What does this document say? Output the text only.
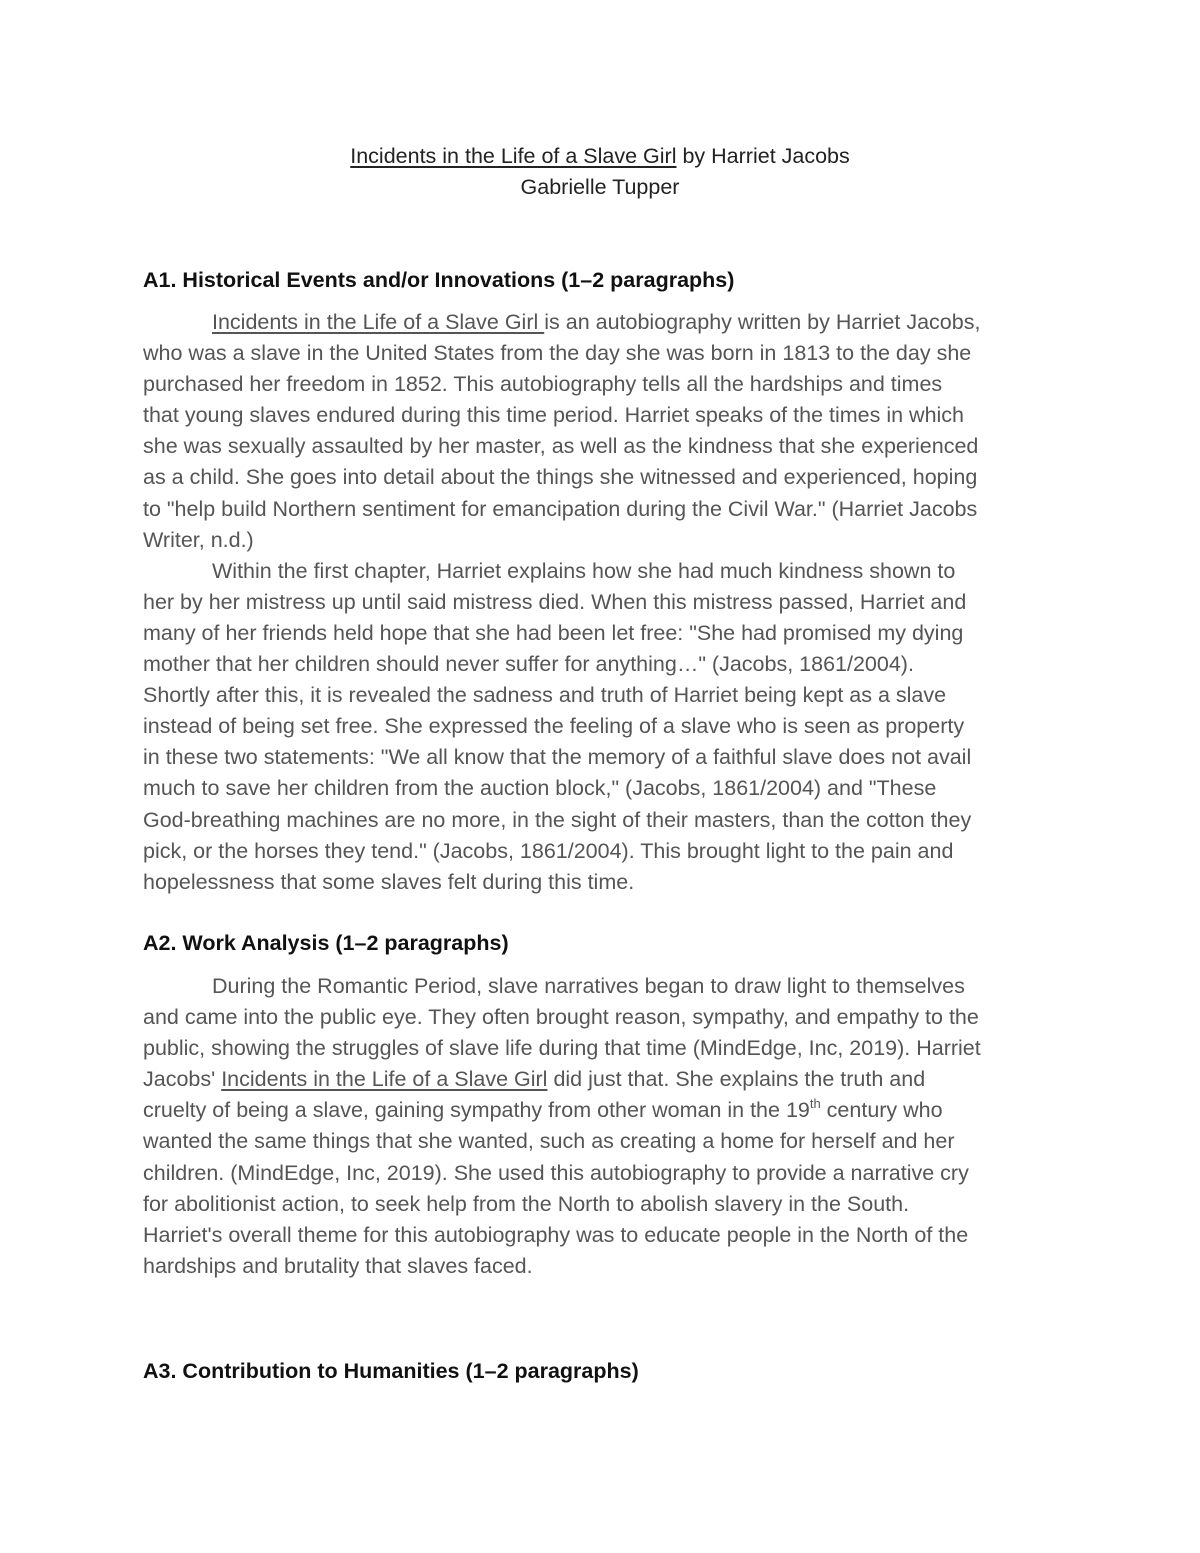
Incidents in the Life of a Slave Girl by Harriet Jacobs
Gabrielle Tupper
A1. Historical Events and/or Innovations (1–2 paragraphs)
Incidents in the Life of a Slave Girl is an autobiography written by Harriet Jacobs,
who was a slave in the United States from the day she was born in 1813 to the day she
purchased her freedom in 1852. This autobiography tells all the hardships and times
that young slaves endured during this time period. Harriet speaks of the times in which
she was sexually assaulted by her master, as well as the kindness that she experienced
as a child. She goes into detail about the things she witnessed and experienced, hoping
to "help build Northern sentiment for emancipation during the Civil War." (Harriet Jacobs
Writer, n.d.)
Within the first chapter, Harriet explains how she had much kindness shown to
her by her mistress up until said mistress died. When this mistress passed, Harriet and
many of her friends held hope that she had been let free: "She had promised my dying
mother that her children should never suffer for anything…" (Jacobs, 1861/2004).
Shortly after this, it is revealed the sadness and truth of Harriet being kept as a slave
instead of being set free. She expressed the feeling of a slave who is seen as property
in these two statements: "We all know that the memory of a faithful slave does not avail
much to save her children from the auction block," (Jacobs, 1861/2004) and "These
God-breathing machines are no more, in the sight of their masters, than the cotton they
pick, or the horses they tend." (Jacobs, 1861/2004). This brought light to the pain and
hopelessness that some slaves felt during this time.
A2. Work Analysis (1–2 paragraphs)
During the Romantic Period, slave narratives began to draw light to themselves
and came into the public eye. They often brought reason, sympathy, and empathy to the
public, showing the struggles of slave life during that time (MindEdge, Inc, 2019). Harriet
Jacobs' Incidents in the Life of a Slave Girl did just that. She explains the truth and
cruelty of being a slave, gaining sympathy from other woman in the 19th century who
wanted the same things that she wanted, such as creating a home for herself and her
children. (MindEdge, Inc, 2019). She used this autobiography to provide a narrative cry
for abolitionist action, to seek help from the North to abolish slavery in the South.
Harriet's overall theme for this autobiography was to educate people in the North of the
hardships and brutality that slaves faced.
A3. Contribution to Humanities (1–2 paragraphs)
